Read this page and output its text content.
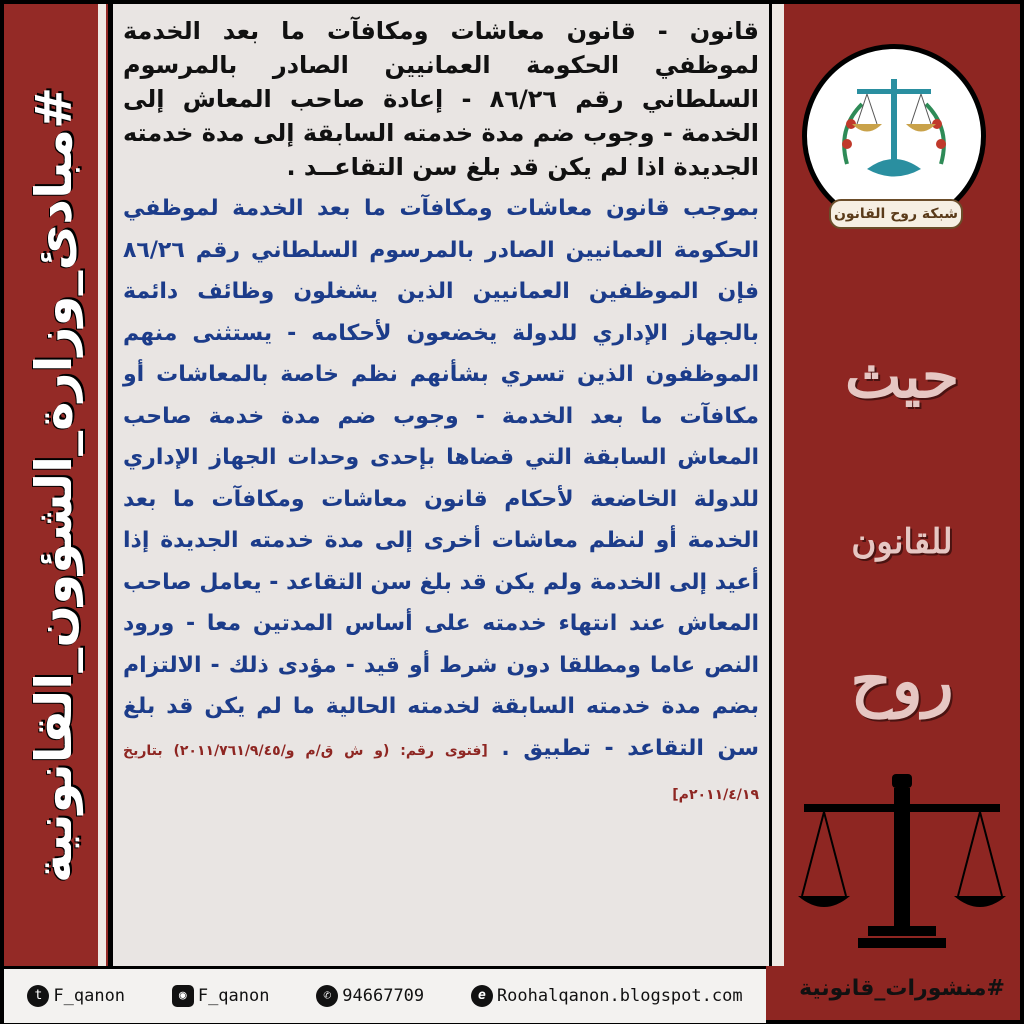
#مبادئ_وزارة_الشؤون_القانونية

قانون - قانون معاشات ومكافآت ما بعد الخدمة لموظفي الحكومة العمانيين الصادر بالمرسوم السلطاني رقم ٨٦/٢٦ - إعادة صاحب المعاش إلى الخدمة - وجوب ضم مدة خدمته السابقة إلى مدة خدمته الجديدة اذا لم يكن قد بلغ سن التقاعــد .

بموجب قانون معاشات ومكافآت ما بعد الخدمة لموظفي الحكومة العمانيين الصادر بالمرسوم السلطاني رقم ٨٦/٢٦ فإن الموظفين العمانيين الذين يشغلون وظائف دائمة بالجهاز الإداري للدولة يخضعون لأحكامه - يستثنى منهم الموظفون الذين تسري بشأنهم نظم خاصة بالمعاشات أو مكافآت ما بعد الخدمة - وجوب ضم مدة خدمة صاحب المعاش السابقة التي قضاها بإحدى وحدات الجهاز الإداري للدولة الخاضعة لأحكام قانون معاشات ومكافآت ما بعد الخدمة أو لنظم معاشات أخرى إلى مدة خدمته الجديدة إذا أعيد إلى الخدمة ولم يكن قد بلغ سن التقاعد - يعامل صاحب المعاش عند انتهاء خدمته على أساس المدتين معا - ورود النص عاما ومطلقا دون شرط أو قيد - مؤدى ذلك - الالتزام بضم مدة خدمته السابقة لخدمته الحالية ما لم يكن قد بلغ سن التقاعد - تطبيق . [فتوى رقم: (و ش ق/م و/٢٠١١/٧٦١/٩/٤٥) بتاريخ ٢٠١١/٤/١٩م]

شبكة روح القانون
حيث
للقانون
روح
#منشورات_قانونية
t F_qanon	◉ F_qanon	✆ 94667709	e Roohalqanon.blogspot.com
